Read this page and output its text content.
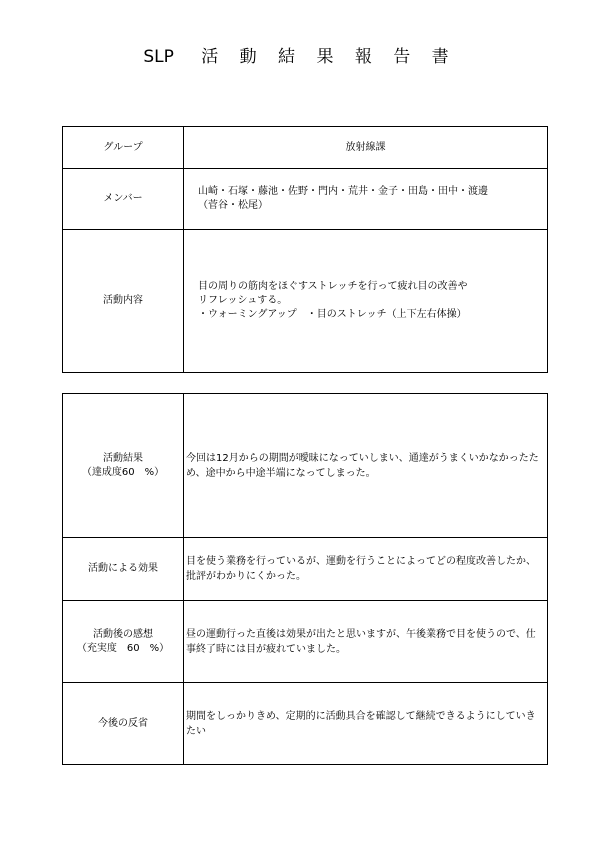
SLP 活 動 結 果 報 告 書
グループ	放射線課
メンバー	山崎・石塚・藤池・佐野・門内・荒井・金子・田島・田中・渡邊
（菅谷・松尾）

活動内容	目の周りの筋肉をほぐすストレッチを行って疲れ目の改善や
リフレッシュする。
・ウォーミングアップ　・目のストレッチ（上下左右体操）
活動結果
（達成度60　%）	今回は12月からの期間が曖昧になっていしまい、通達がうまくいかなかったため、途中から中途半端になってしまった。
活動による効果	目を使う業務を行っているが、運動を行うことによってどの程度改善したか、批評がわかりにくかった。

活動後の感想
（充実度　60　%）	昼の運動行った直後は効果が出たと思いますが、午後業務で目を使うので、仕事終了時には目が疲れていました。
今後の反省	期間をしっかりきめ、定期的に活動具合を確認して継続できるようにしていきたい
